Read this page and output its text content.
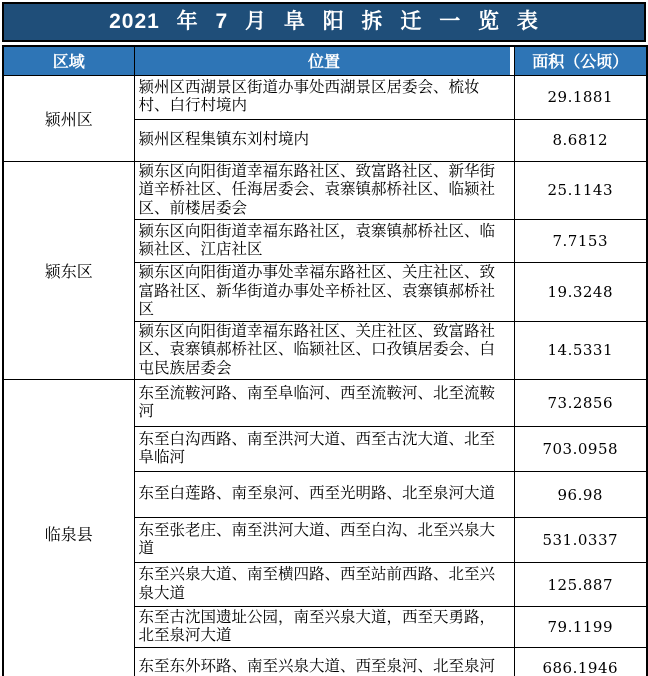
2021 年 7 月 阜 阳 拆 迁 一 览 表
区域	位置	面积（公顷）
颍州区	颍州区西湖景区街道办事处西湖景区居委会、梳妆村、白行村境内	29.1881
	颍州区程集镇东刘村境内	8.6812
颍东区	颍东区向阳街道幸福东路社区、致富路社区、新华街道辛桥社区、任海居委会、袁寨镇郝桥社区、临颍社区、前楼居委会	25.1143
	颍东区向阳街道幸福东路社区，袁寨镇郝桥社区、临颍社区、江店社区	7.7153
	颍东区向阳街道办事处幸福东路社区、关庄社区、致富路社区、新华街道办事处辛桥社区、袁寨镇郝桥社区	19.3248
	颍东区向阳街道幸福东路社区、关庄社区、致富路社区、袁寨镇郝桥社区、临颍社区、口孜镇居委会、白屯民族居委会	14.5331
临泉县	东至流鞍河路、南至阜临河、西至流鞍河、北至流鞍河	73.2856
	东至白沟西路、南至洪河大道、西至古沈大道、北至阜临河	703.0958
	东至白莲路、南至泉河、西至光明路、北至泉河大道	96.98
	东至张老庄、南至洪河大道、西至白沟、北至兴泉大道	531.0337
	东至兴泉大道、南至横四路、西至站前西路、北至兴泉大道	125.887
	东至古沈国遗址公园，南至兴泉大道，西至天勇路，北至泉河大道	79.1199
	东至东外环路、南至兴泉大道、西至泉河、北至泉河	686.1946
